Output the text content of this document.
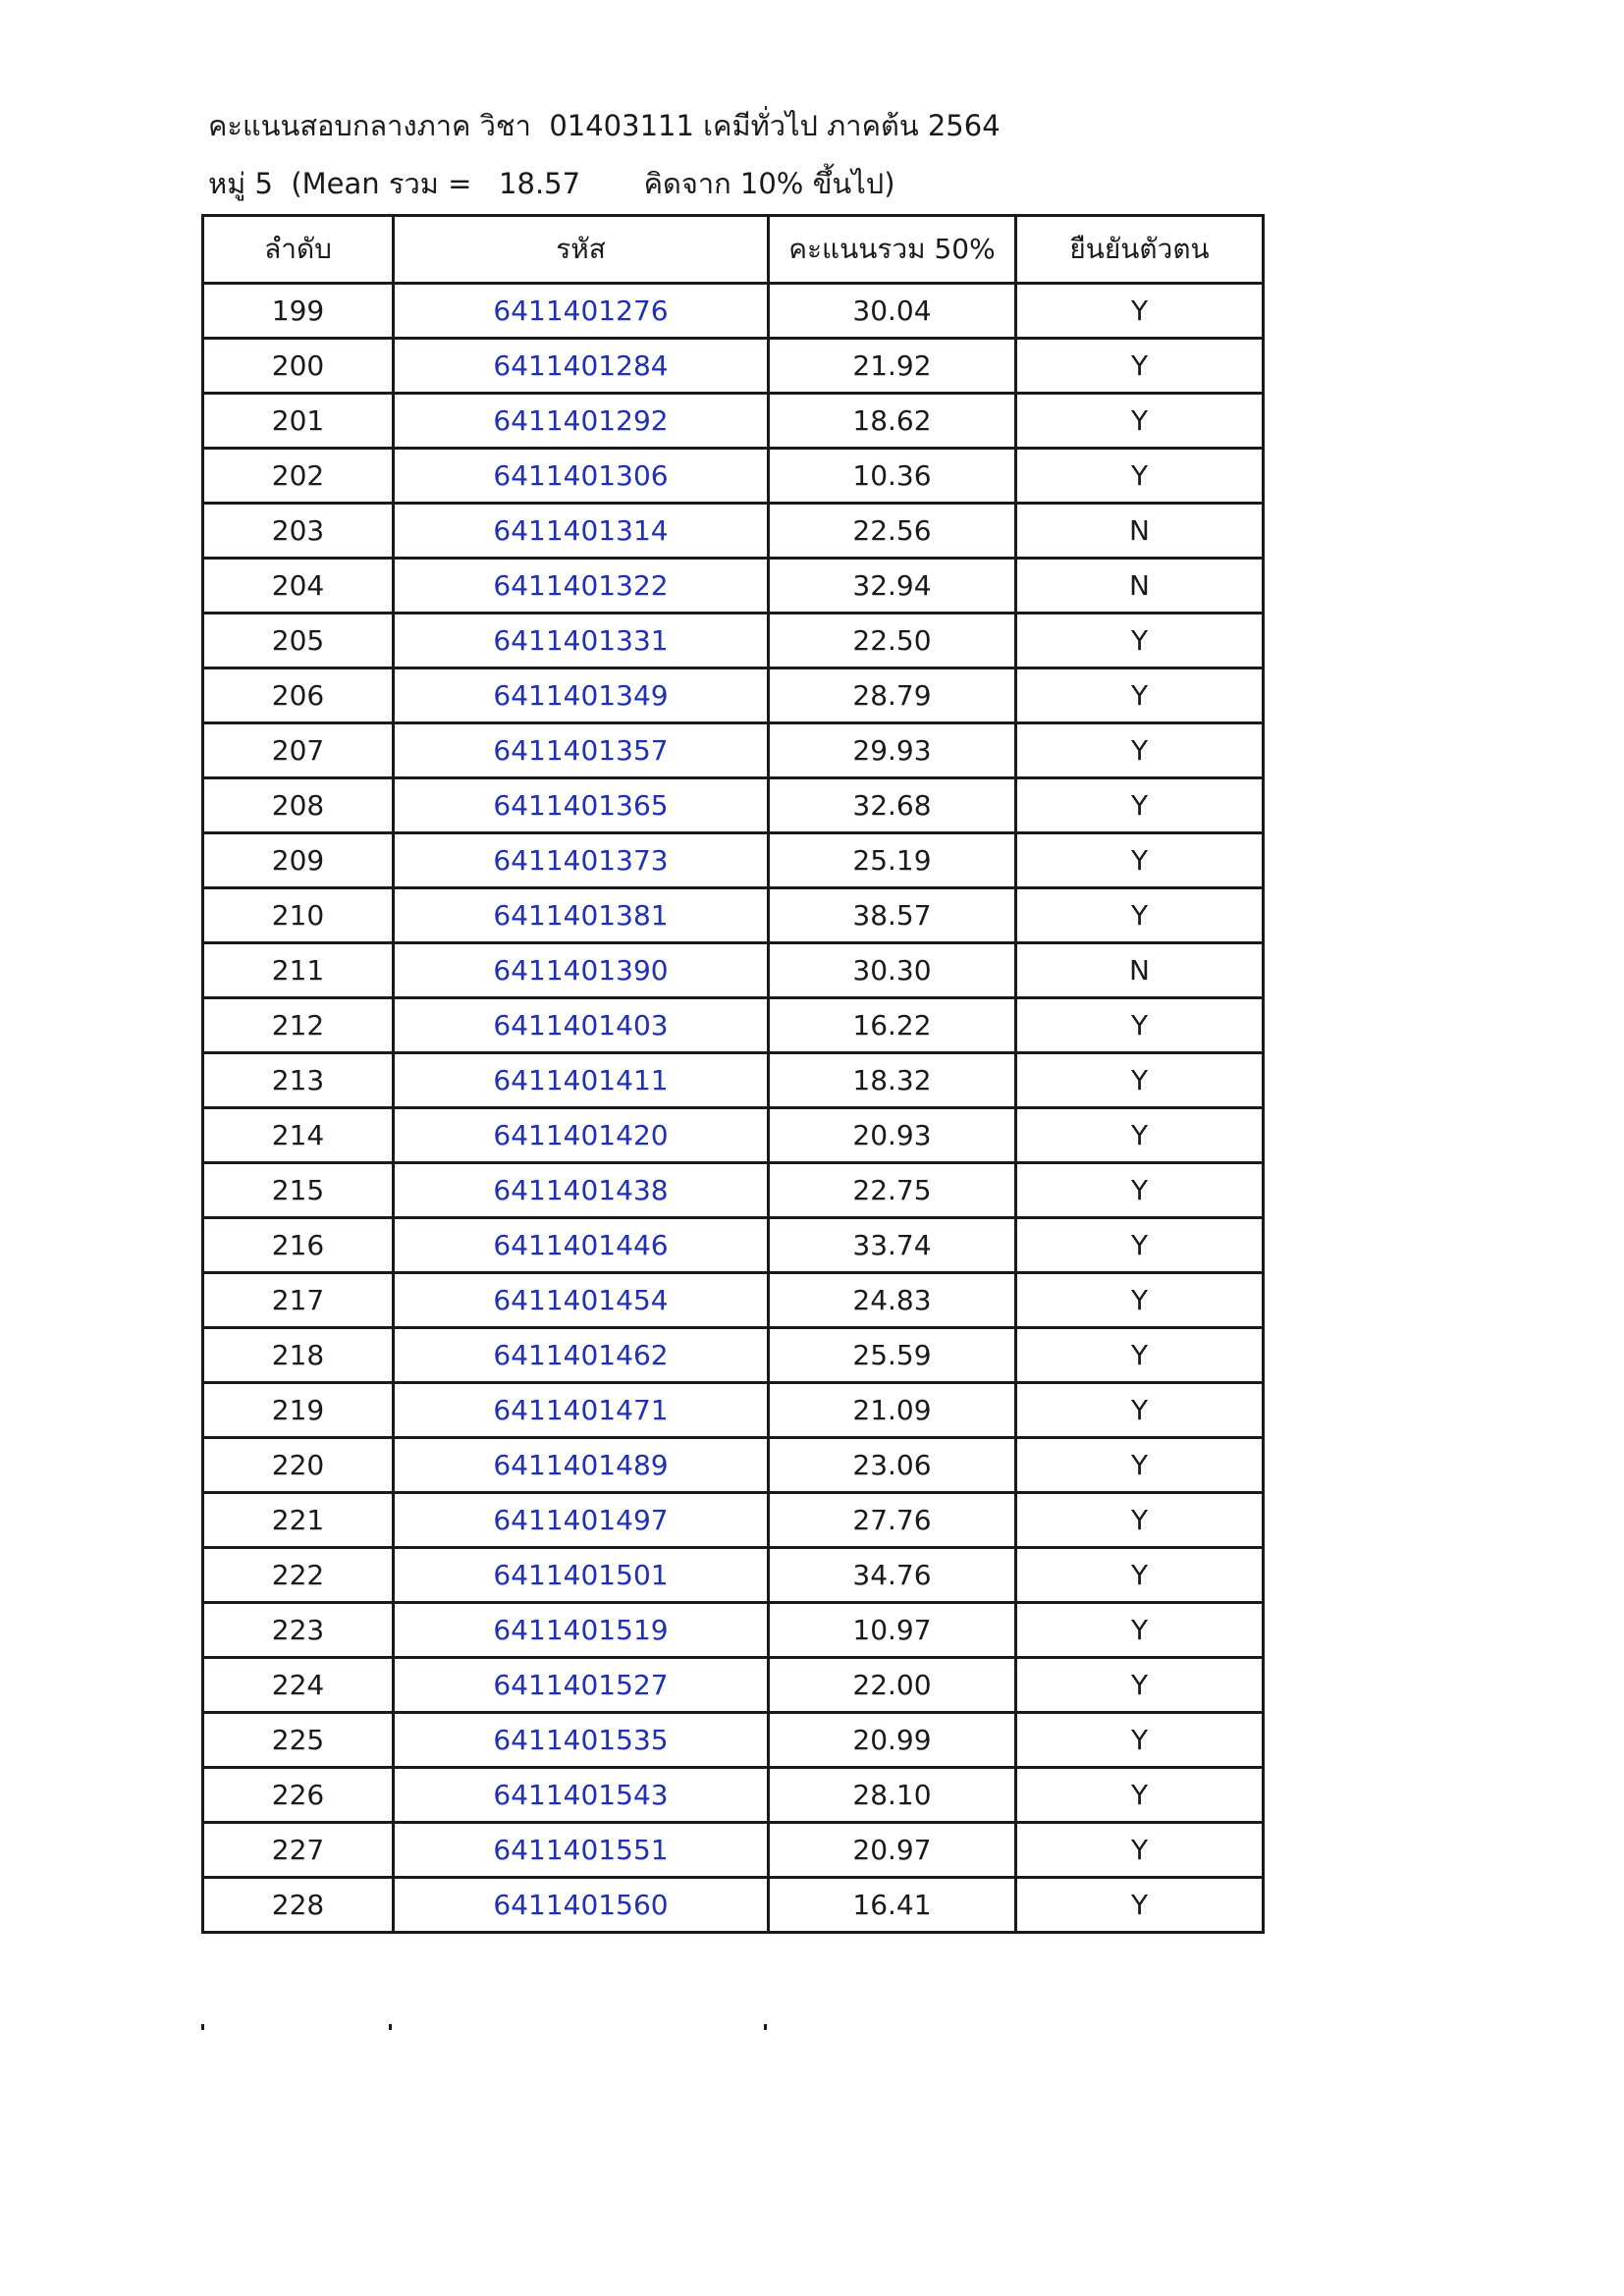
คะแนนสอบกลางภาค วิชา  01403111 เคมีทั่วไป ภาคต้น 2564
หมู่ 5 (Mean รวม = 18.57 คิดจาก 10% ขึ้นไป)
ลำดับ	รหัส	คะแนนรวม 50%	ยืนยันตัวตน
199	6411401276	30.04	Y
200	6411401284	21.92	Y
201	6411401292	18.62	Y
202	6411401306	10.36	Y
203	6411401314	22.56	N
204	6411401322	32.94	N
205	6411401331	22.50	Y
206	6411401349	28.79	Y
207	6411401357	29.93	Y
208	6411401365	32.68	Y
209	6411401373	25.19	Y
210	6411401381	38.57	Y
211	6411401390	30.30	N
212	6411401403	16.22	Y
213	6411401411	18.32	Y
214	6411401420	20.93	Y
215	6411401438	22.75	Y
216	6411401446	33.74	Y
217	6411401454	24.83	Y
218	6411401462	25.59	Y
219	6411401471	21.09	Y
220	6411401489	23.06	Y
221	6411401497	27.76	Y
222	6411401501	34.76	Y
223	6411401519	10.97	Y
224	6411401527	22.00	Y
225	6411401535	20.99	Y
226	6411401543	28.10	Y
227	6411401551	20.97	Y
228	6411401560	16.41	Y
